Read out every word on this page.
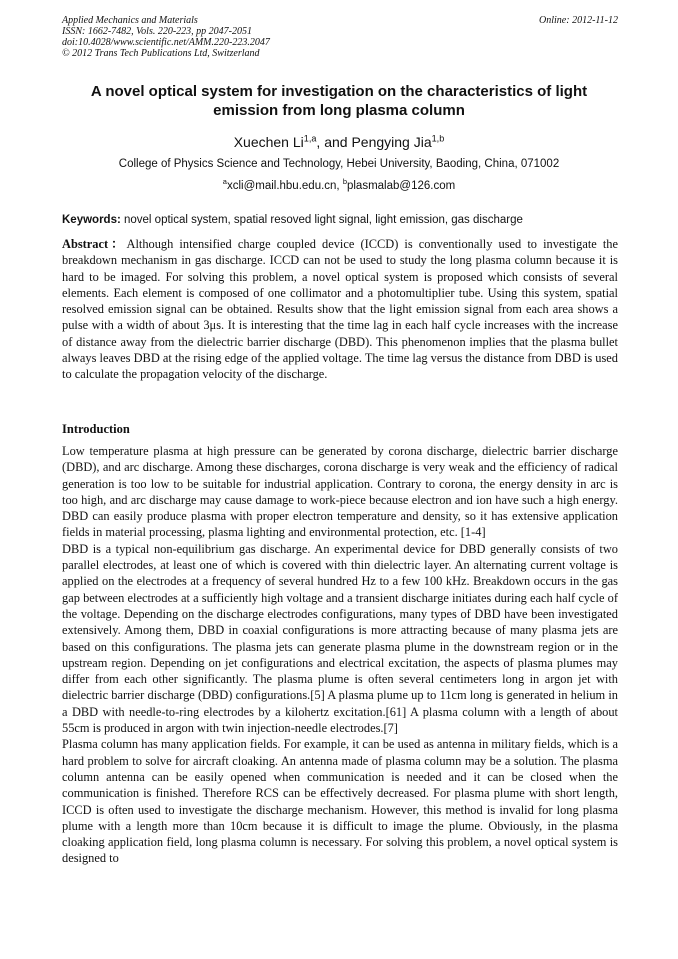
Applied Mechanics and Materials
ISSN: 1662-7482, Vols. 220-223, pp 2047-2051
doi:10.4028/www.scientific.net/AMM.220-223.2047
© 2012 Trans Tech Publications Ltd, Switzerland
Online: 2012-11-12
A novel optical system for investigation on the characteristics of light
emission from long plasma column
Xuechen Li$^{1,a}$, and Pengying Jia$^{1,b}$
College of Physics Science and Technology, Hebei University, Baoding, China, 071002
$^a$xcli@mail.hbu.edu.cn, $^b$plasmalab@126.com
Keywords: novel optical system, spatial resoved light signal, light emission, gas discharge
Abstract：Although intensified charge coupled device (ICCD) is conventionally used to investigate the breakdown mechanism in gas discharge. ICCD can not be used to study the long plasma column because it is hard to be imaged. For solving this problem, a novel optical system is proposed which consists of several elements. Each element is composed of one collimator and a photomultiplier tube. Using this system, spatial resolved emission signal can be obtained. Results show that the light emission signal from each area shows a pulse with a width of about 3μs. It is interesting that the time lag in each half cycle increases with the increase of distance away from the dielectric barrier discharge (DBD). This phenomenon implies that the plasma bullet always leaves DBD at the rising edge of the applied voltage. The time lag versus the distance from DBD is used to calculate the propagation velocity of the discharge.
Introduction

Low temperature plasma at high pressure can be generated by corona discharge, dielectric barrier discharge (DBD), and arc discharge. Among these discharges, corona discharge is very weak and the efficiency of radical generation is too low to be suitable for industrial application. Contrary to corona, the energy density in arc is too high, and arc discharge may cause damage to work-piece because electron and ion have such a high energy. DBD can easily produce plasma with proper electron temperature and density, so it has extensive application fields in material processing, plasma lighting and environmental protection, etc. [1-4]

DBD is a typical non-equilibrium gas discharge. An experimental device for DBD generally consists of two parallel electrodes, at least one of which is covered with thin dielectric layer. An alternating current voltage is applied on the electrodes at a frequency of several hundred Hz to a few 100 kHz. Breakdown occurs in the gas gap between electrodes at a sufficiently high voltage and a transient discharge initiates during each half cycle of the voltage. Depending on the discharge electrodes configurations, many types of DBD have been investigated extensively. Among them, DBD in coaxial configurations is more attracting because of many plasma jets are based on this configurations. The plasma jets can generate plasma plume in the downstream region or in the upstream region. Depending on jet configurations and electrical excitation, the aspects of plasma plumes may differ from each other significantly. The plasma plume is often several centimeters long in argon jet with dielectric barrier discharge (DBD) configurations.[5] A plasma plume up to 11cm long is generated in helium in a DBD with needle-to-ring electrodes by a kilohertz excitation.[61] A plasma column with a length of about 55cm is produced in argon with twin injection-needle electrodes.[7]

Plasma column has many application fields. For example, it can be used as antenna in military fields, which is a hard problem to solve for aircraft cloaking. An antenna made of plasma column may be a solution. The plasma column antenna can be easily opened when communication is needed and it can be closed when the communication is finished. Therefore RCS can be effectively decreased. For plasma plume with short length, ICCD is often used to investigate the discharge mechanism. However, this method is invalid for long plasma plume with a length more than 10cm because it is difficult to image the plume. Obviously, in the plasma cloaking application field, long plasma column is necessary. For solving this problem, a novel optical system is designed to
